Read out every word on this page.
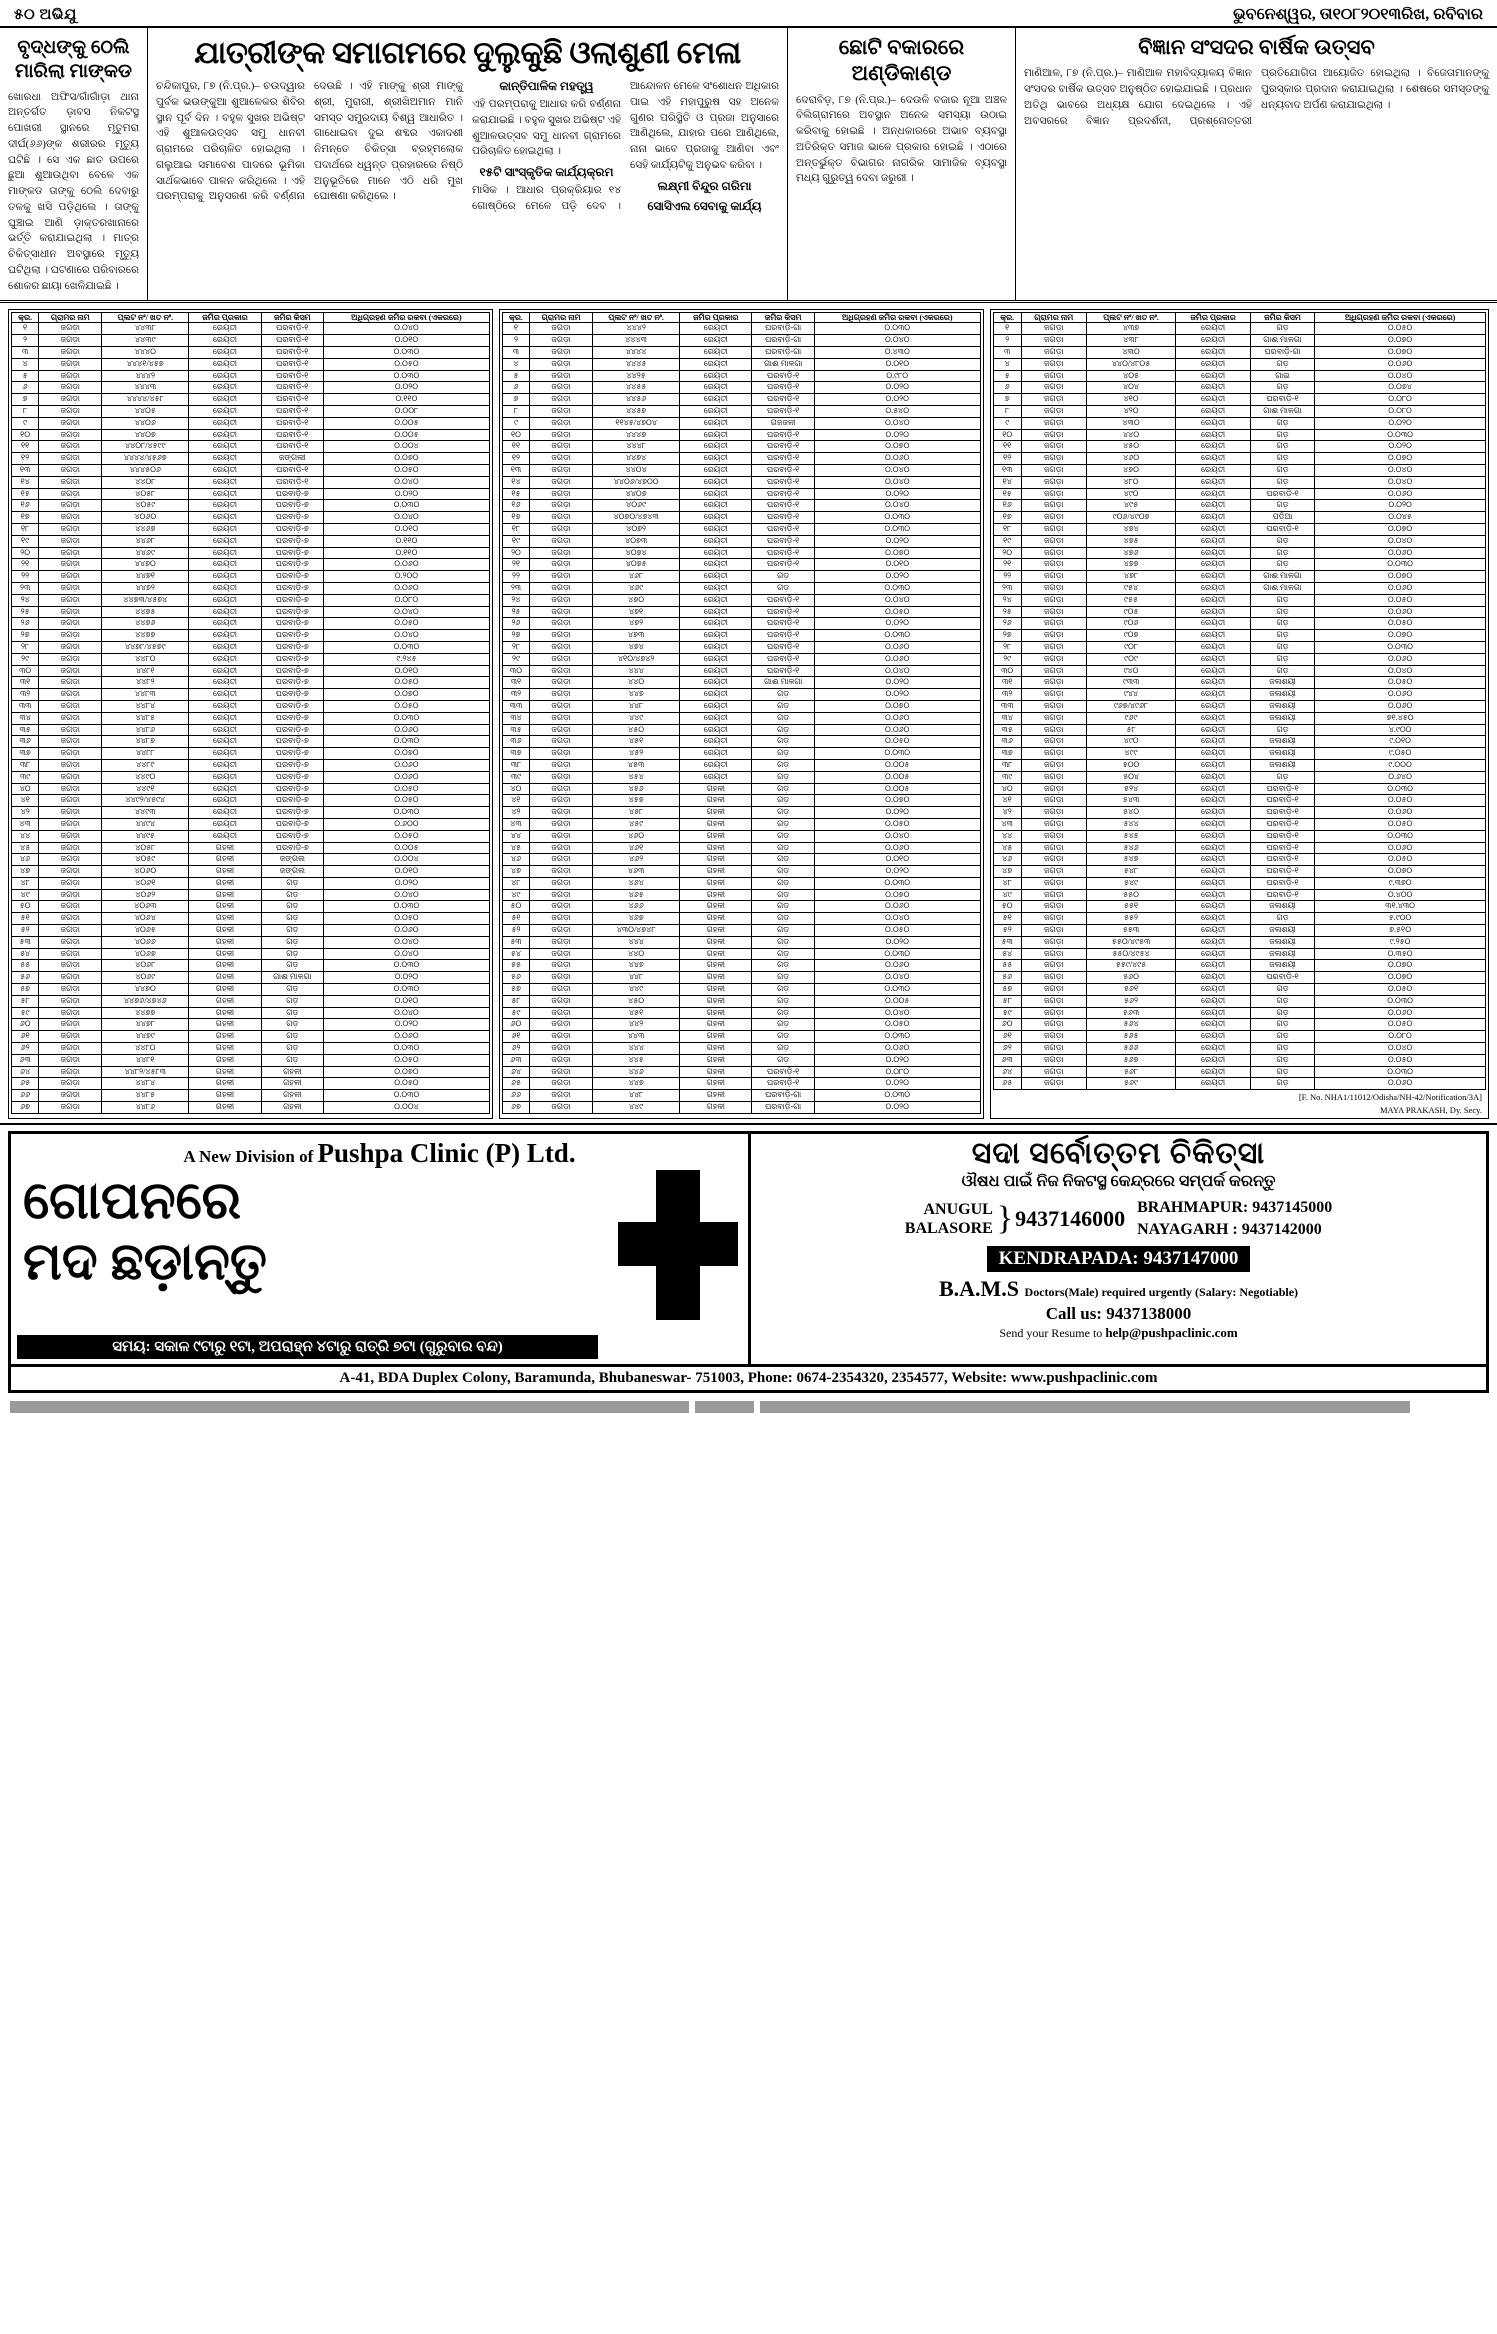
୫୦ ଅଭିଯୁ	ଭୁବନେଶ୍ୱର, ତା୧୦୮୨୦୧୩ରିଖ, ରବିବାର
ବୃଦ୍ଧଙ୍କୁ ଠେଲି ମାରିଲା ମାଙ୍କଡ
ଖୋରଧା ଅଫିସ/ଗାଁଗାଁଡ଼ା ଥାନା ଅନ୍ତର୍ଗତ ଡ଼ାବସ ନିକଟସ୍ଥ ପୋଖରୀ ସ୍ଥାନରେ ମୃତୁମରା ଦୀର୍ଘ(୬୬)ଙ୍କ ଶରୀରର ମୃତ୍ୟୁ ଘଟିଛି । ସେ ଏକ ଛାତ ଉପରେ ଛୁଆ ଶୁଆଉଥିବା ବେଳେ ଏକ ମାଙ୍କଡ ତାଙ୍କୁ ଠେଲି ଦେବାରୁ ତଳକୁ ଖସି ପଡ଼ିଥିଲେ । ତାଙ୍କୁ ଘୁଞ୍ଚାଇ ଆଣି ଡ଼ାକ୍ତରଖାନାରେ ଭର୍ତ୍ତି କରାଯାଇଥିଲା । ମାତ୍ର ଚିକିତ୍ସାଧୀନ ଅବସ୍ଥାରେ ମୃତ୍ୟୁ ଘଟିଥିଲା । ଘଟଣାରେ ପରିବାରରେ ଶୋକର ଛାୟା ଖେଳିଯାଇଛି ।
ଯାତ୍ରୀଙ୍କ ସମାଗମରେ ଦୁଲୁକୁଛି ଓଲାଶୁଣୀ ମେଳା
ଚନ୍ଦିକାପୁର, ୮୭ (ନି.ପ୍ର.)– ଚଉଦ୍ୱାର ପୁର୍ବକ ଭଉଙ୍କୁଆ ଶୁଆଳେକର ଶିବିର ସ୍ଥାନ ପୂର୍ବ ଦିନ । ବହୁଳ ସୁଖର ଅଭିଷ୍ଟ ଏହି ଶୁଆଳଉତ୍ସବ ସମୁ ଧାନବୀ ଗ୍ରାମରେ ପରିଚାଳିତ ହୋଇଥିଲା । ଗଲୁଆଇ ସମାବେଶ ପାଦରେ ଭୂମିକା ସାର୍ଥକଭାବେ ପାଳନ କରିଥିଲେ । ଏହି ପରମ୍ପରାକୁ ଅନୁସରଣ କରି ବର୍ଣ୍ଣନା ଦେଉଛି । ଏହି ମାଙ୍କୁ ଶ୍ରୀ ମାଙ୍କୁ ଶ୍ରୀ, ମୁରାରୀ, ଶ୍ରୀଖିଅମାନ ମାନି ସମସ୍ତ ସମ୍ପ୍ରଦାୟ ବିଶ୍ୱ ଆଧାରିତ । ଗାଧୋଇବା ଦୁଇ ଶବ୍ଦର ଏକାଦଶୀ ନିମନ୍ତେ ଚିକିତ୍ସା ବ୍ରହ୍ମଲୋକ ପଦାର୍ଥରେ ଧ୍ୱନ୍ତ ପ୍ରହାରରେ ନିଷ୍ଠି ଅନୁଭୂତିରେ ମାନେ ଏଠି ଧରି ମୁଖ ଘୋଷଣା କରିଥିଲେ ।
କାନ୍ତିପାଳିକ ମହତ୍ତ୍ୱ
ଏହି ପରମ୍ପରାକୁ ଆଧାର କରି ବର୍ଣ୍ଣନା କରାଯାଇଛି । ବହୁଳ ସୁଖର ଅଭିଷ୍ଟ ଏହି ଶୁଆଳଉତ୍ସବ ସମୁ ଧାନବୀ ଗ୍ରାମରେ ପରିଚାଳିତ ହୋଇଥିଲା ।
୧୫ଟି ସାଂସ୍କୃତିକ କାର୍ଯ୍ୟକ୍ରମ
ମାସିକ । ଆଧାର ପ୍ରକ୍ରିୟାର ୧୪ ଗୋଷ୍ଠିରେ ମେଳେ ପଡ଼ି ଦେବ । ଆନ୍ଦୋଳନ ମେଳେ ସଂଶୋଧନ ଅଧିକାର ପାଇ ଏହି ମହାପୁରୁଷ ସହ ଅନେକ ଗୁଣର ପରିସ୍ଥିତି ଓ ପ୍ରଜା ଅନୁସାରେ ଆଣିଥିଲେ, ଯାହାର ପରେ ଆଣିଥିଲେ, ନାନା ଭାବେ ପ୍ରଜାକୁ ଆଣିବା ଏବଂ ସେହି କାର୍ଯ୍ୟଟିକୁ ଅନୁଭବ କରିବା ।
ଲକ୍ଷ୍ମୀ ବିନ୍ଦୁର ଗରିମା
ସୋସିଏଲ ସେବାକୁ କାର୍ଯ୍ୟ
ଛୋଟି ବକାରରେ ଅଣ୍ଡିକାଣ୍ଡ
ଦେରାବିଡ଼, ୮୭ (ନି.ପ୍ର.)– ଦେଉଳି ବଜାର ନୂଆ ଅଞ୍ଚଳ ବିଲିଗ୍ରାମରେ ଅବସ୍ଥାନ ଅନେକ ସମସ୍ୟା ଉଠାଇ କରିବାକୁ ହୋଇଛି । ଅନ୍ଧକାରରେ ଅଭାବ ବ୍ୟବସ୍ଥା ଅତିରିକ୍ତ ସମାଜ ଭାଳେ ପ୍ରକାର ହୋଇଛି । ଏଠାରେ ଅନ୍ତର୍ଭୁକ୍ତ ବିଭାଗର ନାଗରିକ ସାମାଜିକ ବ୍ୟବସ୍ଥା ମଧ୍ୟ ଗୁରୁତ୍ୱ ଦେବା ଜରୁରୀ ।
ବିଜ୍ଞାନ ସଂସଦର ବାର୍ଷିକ ଉତ୍ସବ
ମାଣିଆଳ, ୮୭ (ନି.ପ୍ର.)– ମାଣିଆଳ ମହାବିଦ୍ୟାଳୟ ବିଜ୍ଞାନ ସଂସଦର ବାର୍ଷିକ ଉତ୍ସବ ଅନୁଷ୍ଠିତ ହୋଇଯାଇଛି । ପ୍ରଧାନ ଅତିଥି ଭାବରେ ଅଧ୍ୟକ୍ଷ ଯୋଗ ଦେଇଥିଲେ । ଏହି ଅବସରରେ ବିଜ୍ଞାନ ପ୍ରଦର୍ଶନୀ, ପ୍ରଶ୍ନୋତ୍ତରୀ ପ୍ରତିଯୋଗିତା ଆୟୋଜିତ ହୋଇଥିଲା । ବିଜେତାମାନଙ୍କୁ ପୁରସ୍କାର ପ୍ରଦାନ କରାଯାଇଥିଲା । ଶେଷରେ ସମସ୍ତଙ୍କୁ ଧନ୍ୟବାଦ ଅର୍ପଣ କରାଯାଇଥିଲା ।
କ୍ର.	ଗ୍ରାମର ନାମ	ପ୍ଲଟ ନଂ/ ଖତ ନଂ.	ଜମିର ପ୍ରକାର	ଜମିର କିସମ	ଅଧିଗ୍ରହଣ ଜମିର ରକବା (ଏକରରେ)
୧	ଜଗଡ଼ା	୪୪୩୮	ରେୟତୀ	ଘରବାଡ଼ି-୧	୦.୦୪୦
୨	ଜଗଡ଼ା	୪୪୩୯	ରେୟତୀ	ଘରବାଡ଼ି-୧	୦.୦୧୦
୩	ଜଗଡ଼ା	୪୪୪୦	ରେୟତୀ	ଘରବାଡ଼ି-୧	୦.୦୩୦
୪	ଜଗଡ଼ା	୪୪୪୧/୪୫୭	ରେୟତୀ	ଘରବାଡ଼ି-୧	୦.୦୫୦
୫	ଜଗଡ଼ା	୪୪୪୨	ରେୟତୀ	ଘରବାଡ଼ି-୧	୦.୦୩୦
୬	ଜଗଡ଼ା	୪୪୪୩	ରେୟତୀ	ଘରବାଡ଼ି-୧	୦.୦୨୦
୭	ଜଗଡ଼ା	୪୪୪୪/୪୫୮	ରେୟତୀ	ଘରବାଡ଼ି-୧	୦.୧୧୦
୮	ଜଗଡ଼ା	୪୪୦୫	ରେୟତୀ	ଘରବାଡ଼ି-୧	୦.୦୦୮
୯	ଜଗଡ଼ା	୪୪୦୬	ରେୟତୀ	ଘରବାଡ଼ି-୧	୦.୦୦୫
୧୦	ଜଗଡ଼ା	୪୪୦୭	ରେୟତୀ	ଘରବାଡ଼ି-୧	୦.୦୦୫
୧୧	ଜଗଡ଼ା	୪୪୦୮/୪୫୯୯	ରେୟତୀ	ଘରବାଡ଼ି-୧	୦.୦୦୪
୧୨	ଜଗଡ଼ା	୪୪୪୪/୪୫୬୭	ରେୟତୀ	ଜଙ୍ଗଲୀ	୦.୦୭୦
୧୩	ଜଗଡ଼ା	୪୪୪୫୦୬	ରେୟତୀ	ଘରବାଡ଼ି-୧	୦.୦୫୦
୧୪	ଜଗଡ଼ା	୪୪୦୮	ରେୟତୀ	ଘରବାଡ଼ି-୧	୦.୦୪୦
୧୫	ଜଗଡ଼ା	୪୦୫୮	ରେୟତୀ	ଘରବାଡ଼ି-୭	୦.୦୨୦
୧୬	ଜଗଡ଼ା	୪୦୫୯	ରେୟତୀ	ଘରବାଡ଼ି-୭	୦.୦୩୦
୧୭	ଜଗଡ଼ା	୪୦୬୦	ରେୟତୀ	ଘରବାଡ଼ି-୭	୦.୦୪୦
୧୮	ଜଗଡ଼ା	୪୪୬୭	ରେୟତୀ	ଘରବାଡ଼ି-୭	୦.୦୧୦
୧୯	ଜଗଡ଼ା	୪୪୬୮	ରେୟତୀ	ଘରବାଡ଼ି-୭	୦.୧୧୦
୨୦	ଜଗଡ଼ା	୪୪୬୯	ରେୟତୀ	ଘରବାଡ଼ି-୭	୦.୧୧୦
୨୧	ଜଗଡ଼ା	୪୪୭୦	ରେୟତୀ	ଘରବାଡ଼ି-୭	୦.୦୬୦
୨୨	ଜଗଡ଼ା	୪୪୭୧	ରେୟତୀ	ଘରବାଡ଼ି-୭	୦.୨୦୦
୨୩	ଜଗଡ଼ା	୪୪୭୨	ରେୟତୀ	ଘରବାଡ଼ି-୭	୦.୦୬୦
୨୪	ଜଗଡ଼ା	୪୪୭୩/୪୫୭୪	ରେୟତୀ	ଘରବାଡ଼ି-୭	୦.୦୮୦
୨୫	ଜଗଡ଼ା	୪୪୭୫	ରେୟତୀ	ଘରବାଡ଼ି-୭	୦.୦୪୦
୨୬	ଜଗଡ଼ା	୪୪୭୬	ରେୟତୀ	ଘରବାଡ଼ି-୭	୦.୦୫୦
୨୭	ଜଗଡ଼ା	୪୪୭୭	ରେୟତୀ	ଘରବାଡ଼ି-୭	୦.୦୪୦
୨୮	ଜଗଡ଼ା	୪୪୭୮/୪୫୭୯	ରେୟତୀ	ଘରବାଡ଼ି-୭	୦.୦୩୦
୨୯	ଜଗଡ଼ା	୪୪୮୦	ରେୟତୀ	ଘରବାଡ଼ି-୭	୯.୨୪୫
୩୦	ଜଗଡ଼ା	୪୪୮୧	ରେୟତୀ	ଘରବାଡ଼ି-୭	୦.୦୧୦
୩୧	ଜଗଡ଼ା	୪୪୮୨	ରେୟତୀ	ଘରବାଡ଼ି-୭	୦.୦୫୦
୩୨	ଜଗଡ଼ା	୪୪୮୩	ରେୟତୀ	ଘରବାଡ଼ି-୭	୦.୦୭୦
୩୩	ଜଗଡ଼ା	୪୪୮୪	ରେୟତୀ	ଘରବାଡ଼ି-୭	୦.୦୫୦
୩୪	ଜଗଡ଼ା	୪୪୮୫	ରେୟତୀ	ଘରବାଡ଼ି-୭	୦.୦୩୦
୩୫	ଜଗଡ଼ା	୪୪୮୬	ରେୟତୀ	ଘରବାଡ଼ି-୭	୦.୦୬୦
୩୬	ଜଗଡ଼ା	୪୪୮୭	ରେୟତୀ	ଘରବାଡ଼ି-୭	୦.୦୩୦
୩୭	ଜଗଡ଼ା	୪୪୮୮	ରେୟତୀ	ଘରବାଡ଼ି-୭	୦.୦୭୦
୩୮	ଜଗଡ଼ା	୪୪୮୯	ରେୟତୀ	ଘରବାଡ଼ି-୭	୦.୦୬୦
୩୯	ଜଗଡ଼ା	୪୪୯୦	ରେୟତୀ	ଘରବାଡ଼ି-୭	୦.୦୬୦
୪୦	ଜଗଡ଼ା	୪୪୯୧	ରେୟତୀ	ଘରବାଡ଼ି-୭	୦.୦୫୦
୪୧	ଜଗଡ଼ା	୪୪୯୨/୪୫୯୪	ରେୟତୀ	ଘରବାଡ଼ି-୭	୦.୦୫୦
୪୨	ଜଗଡ଼ା	୪୪୯୩	ରେୟତୀ	ଘରବାଡ଼ି-୭	୦.୦୩୦
୪୩	ଜଗଡ଼ା	୪୪୯୪	ରେୟତୀ	ଘରବାଡ଼ି-୭	୦.୬୦୦
୪୪	ଜଗଡ଼ା	୪୪୯୫	ରେୟତୀ	ଘରବାଡ଼ି-୭	୦.୦୫୦
୪୫	ଜଗଡ଼ା	୪୦୫୮	ଗହଳୀ	ଘରବାଡ଼ି-୭	୦.୦୦୫
୪୬	ଜଗଡ଼ା	୪୦୫୯	ଗହଳୀ	ଜଙ୍ଗଲ	୦.୦୦୪
୪୭	ଜଗଡ଼ା	୪୦୬୦	ଗହଳୀ	ଜଙ୍ଗଲ	୦.୦୧୦
୪୮	ଜଗଡ଼ା	୪୦୬୧	ଗହଳୀ	ଗଡ଼	୦.୦୨୦
୪୯	ଜଗଡ଼ା	୪୦୬୨	ଗହଳୀ	ଗଡ଼	୦.୦୪୦
୫୦	ଜଗଡ଼ା	୪୦୬୩	ଗହଳୀ	ଗଡ଼	୦.୦୩୦
୫୧	ଜଗଡ଼ା	୪୦୬୪	ଗହଳୀ	ଗଡ଼	୦.୦୫୦
୫୨	ଜଗଡ଼ା	୪୦୬୫	ଗହଳୀ	ଗଡ଼	୦.୦୬୦
୫୩	ଜଗଡ଼ା	୪୦୬୬	ଗହଳୀ	ଗଡ଼	୦.୦୪୦
୫୪	ଜଗଡ଼ା	୪୦୬୭	ଗହଳୀ	ଗଡ଼	୦.୦୪୦
୫୫	ଜଗଡ଼ା	୪୦୬୮	ଗହଳୀ	ଗଡ଼	୦.୦୩୦
୫୬	ଜଗଡ଼ା	୪୦୬୯	ଗହଳୀ	ଗାଈ ମାଳଗା	୦.୦୨୦
୫୭	ଜଗଡ଼ା	୪୪୭୦	ଗହଳୀ	ଗଡ଼	୦.୦୩୦
୫୮	ଜଗଡ଼ା	୪୪୭୬/୪୭୪୬	ଗହଳୀ	ଗଡ଼	୦.୦୧୦
୫୯	ଜଗଡ଼ା	୪୪୭୭	ଗହଳୀ	ଗଡ଼	୦.୦୪୦
୬୦	ଜଗଡ଼ା	୪୪୭୮	ଗହଳୀ	ଗଡ଼	୦.୦୨୦
୬୧	ଜଗଡ଼ା	୪୪୭୯	ଗହଳୀ	ଗଡ଼	୦.୦୬୦
୬୨	ଜଗଡ଼ା	୪୪୮୦	ଗହଳୀ	ଗଡ଼	୦.୦୩୦
୬୩	ଜଗଡ଼ା	୪୪୮୧	ଗହଳୀ	ଗଡ଼	୦.୦୫୦
୬୪	ଜଗଡ଼ା	୪୪୮୨/୪୫୮୩	ଗହଳୀ	ଗହଳୀ	୦.୦୭୦
୬୫	ଜଗଡ଼ା	୪୪୮୪	ଗହଳୀ	ଗହଳୀ	୦.୦୫୦
୬୬	ଜଗଡ଼ା	୪୪୮୫	ଗହଳୀ	ଗହଳୀ	୦.୦୩୦
୬୭	ଜଗଡ଼ା	୪୪୮୬	ଗହଳୀ	ଗହଳୀ	୦.୦୦୪
କ୍ର.	ଗ୍ରାମର ନାମ	ପ୍ଲଟ ନଂ/ ଖତ ନଂ.	ଜମିର ପ୍ରକାର	ଜମିର କିସମ	ଅଧିଗ୍ରହଣ ଜମିର ରକବା (ଏକରରେ)
୧	ଜଗଡ଼ା	୪୪୪୨	ରେୟତୀ	ଘରବାଡ଼ି-ଗା	୦.୦୩୦
୨	ଜଗଡ଼ା	୪୪୪୩	ରେୟତୀ	ଘରବାଡ଼ି-ଗା	୦.୦୪୦
୩	ଜଗଡ଼ା	୪୪୪୪	ରେୟତୀ	ଘରବାଡ଼ି-ଗା	୦.୪୩୦
୪	ଜଗଡ଼ା	୪୪୪୫	ରେୟତୀ	ଗାଈ ମାଳଗା	୦.୦୧୦
୫	ଜଗଡ଼ା	୪୪୨୫	ରେୟତୀ	ଘରବାଡ଼ି-୧	୦.୯୮୦
୬	ଜଗଡ଼ା	୪୪୫୫	ରେୟତୀ	ଘରବାଡ଼ି-୧	୦.୦୨୦
୭	ଜଗଡ଼ା	୪୪୫୬	ରେୟତୀ	ଘରବାଡ଼ି-୧	୦.୦୨୦
୮	ଜଗଡ଼ା	୪୪୫୭	ରେୟତୀ	ଘରବାଡ଼ି-୧	୦.୫୪୦
୯	ଜଗଡ଼ା	୧୧୪୫/୪୭୦୪	ରେୟତୀ	ଗଜଜଳୀ	୦.୦୪୦
୧୦	ଜଗଡ଼ା	୪୪୪୭	ରେୟତୀ	ଘରବାଡ଼ି-୧	୦.୦୨୦
୧୧	ଜଗଡ଼ା	୪୪୪୮	ରେୟତୀ	ଘରବାଡ଼ି-୧	୦.୦୭୦
୧୨	ଜଗଡ଼ା	୪୪୭୪	ରେୟତୀ	ଘରବାଡ଼ି-୧	୦.୦୬୦
୧୩	ଜଗଡ଼ା	୪୪୦୪	ରେୟତୀ	ଘରବାଡ଼ି-୧	୦.୦୪୦
୧୪	ଜଗଡ଼ା	୪୪୦୬/୪୭୦୦	ରେୟତୀ	ଘରବାଡ଼ି-୧	୦.୦୪୦
୧୫	ଜଗଡ଼ା	୪୪୦୭	ରେୟତୀ	ଘରବାଡ଼ି-୧	୦.୦୨୦
୧୬	ଜଗଡ଼ା	୪୦୬୯	ରେୟତୀ	ଘରବାଡ଼ି-୧	୦.୦୪୦
୧୭	ଜଗଡ଼ା	୪୦୭୦/୪୭୪୩	ରେୟତୀ	ଘରବାଡ଼ି-୧	୦.୦୩୦
୧୮	ଜଗଡ଼ା	୪୦୭୨	ରେୟତୀ	ଘରବାଡ଼ି-୧	୦.୦୩୦
୧୯	ଜଗଡ଼ା	୪୦୭୩	ରେୟତୀ	ଘରବାଡ଼ି-୧	୦.୦୨୦
୨୦	ଜଗଡ଼ା	୪୦୭୪	ରେୟତୀ	ଘରବାଡ଼ି-୧	୦.୦୭୦
୨୧	ଜଗଡ଼ା	୪୦୭୫	ରେୟତୀ	ଘରବାଡ଼ି-୧	୦.୦୧୦
୨୨	ଜଗଡ଼ା	୪୬୮	ରେୟତୀ	ଗଡ଼	୦.୦୨୦
୨୩	ଜଗଡ଼ା	୪୬୯	ରେୟତୀ	ଗଡ଼	୦.୦୩୦
୨୪	ଜଗଡ଼ା	୪୭୦	ରେୟତୀ	ଘରବାଡ଼ି-୧	୦.୦୪୦
୨୫	ଜଗଡ଼ା	୪୭୧	ରେୟତୀ	ଘରବାଡ଼ି-୧	୦.୦୫୦
୨୬	ଜଗଡ଼ା	୪୭୨	ରେୟତୀ	ଘରବାଡ଼ି-୧	୦.୦୨୦
୨୭	ଜଗଡ଼ା	୪୭୩	ରେୟତୀ	ଘରବାଡ଼ି-୧	୦.୦୩୦
୨୮	ଜଗଡ଼ା	୪୭୪	ରେୟତୀ	ଘରବାଡ଼ି-୧	୦.୦୬୦
୨୯	ଜଗଡ଼ା	୪୧୦/୪୭୪୨	ରେୟତୀ	ଘରବାଡ଼ି-୧	୦.୦୬୦
୩୦	ଜଗଡ଼ା	୪୪୪	ରେୟତୀ	ଘରବାଡ଼ି-୧	୦.୦୪୦
୩୧	ଜଗଡ଼ା	୪୪୦	ରେୟତୀ	ଗାଈ ମାଳଗା	୦.୦୨୦
୩୨	ଜଗଡ଼ା	୪୪୭	ରେୟତୀ	ଗଡ଼	୦.୦୨୦
୩୩	ଜଗଡ଼ା	୪୪୮	ରେୟତୀ	ଗଡ଼	୦.୦୭୦
୩୪	ଜଗଡ଼ା	୪୪୯	ରେୟତୀ	ଗଡ଼	୦.୦୬୦
୩୫	ଜଗଡ଼ା	୪୫୦	ରେୟତୀ	ଗଡ଼	୦.୦୬୦
୩୬	ଜଗଡ଼ା	୪୫୧	ରେୟତୀ	ଗଡ଼	୦.୦୫୦
୩୭	ଜଗଡ଼ା	୪୫୨	ରେୟତୀ	ଗଡ଼	୦.୦୩୦
୩୮	ଜଗଡ଼ା	୪୫୩	ରେୟତୀ	ଗଡ଼	୦.୦୦୫
୩୯	ଜଗଡ଼ା	୪୫୪	ରେୟତୀ	ଗଡ଼	୦.୦୦୫
୪୦	ଜଗଡ଼ା	୪୫୬	ଗହଳୀ	ଗଡ଼	୦.୦୦୫
୪୧	ଜଗଡ଼ା	୪୫୭	ଗହଳୀ	ଗଡ଼	୦.୦୭୦
୪୨	ଜଗଡ଼ା	୪୫୮	ଗହଳୀ	ଗଡ଼	୦.୦୨୦
୪୩	ଜଗଡ଼ା	୪୫୯	ଗହଳୀ	ଗଡ଼	୦.୦୫୦
୪୪	ଜଗଡ଼ା	୪୬୦	ଗହଳୀ	ଗଡ଼	୦.୦୪୦
୪୫	ଜଗଡ଼ା	୪୬୧	ଗହଳୀ	ଗଡ଼	୦.୦୬୦
୪୬	ଜଗଡ଼ା	୪୬୨	ଗହଳୀ	ଗଡ଼	୦.୦୧୦
୪୭	ଜଗଡ଼ା	୪୬୩	ଗହଳୀ	ଗଡ଼	୦.୦୨୦
୪୮	ଜଗଡ଼ା	୪୬୪	ଗହଳୀ	ଗଡ଼	୦.୦୩୦
୪୯	ଜଗଡ଼ା	୪୬୫	ଗହଳୀ	ଗଡ଼	୦.୦୭୦
୫୦	ଜଗଡ଼ା	୪୬୬	ଗହଳୀ	ଗଡ଼	୦.୦୬୦
୫୧	ଜଗଡ଼ା	୪୬୭	ଗହଳୀ	ଗଡ଼	୦.୦୪୦
୫୨	ଜଗଡ଼ା	୪୩୦/୪୭୪୮	ଗହଳୀ	ଗଡ଼	୦.୦୫୦
୫୩	ଜଗଡ଼ା	୪୪୪	ଗହଳୀ	ଗଡ଼	୦.୦୨୦
୫୪	ଜଗଡ଼ା	୪୪୦	ଗହଳୀ	ଗଡ଼	୦.୦୩୦
୫୫	ଜଗଡ଼ା	୪୪୭	ଗହଳୀ	ଗଡ଼	୦.୦୬୦
୫୬	ଜଗଡ଼ା	୪୪୮	ଗହଳୀ	ଗଡ଼	୦.୦୪୦
୫୭	ଜଗଡ଼ା	୪୪୯	ଗହଳୀ	ଗଡ଼	୦.୦୩୦
୫୮	ଜଗଡ଼ା	୪୫୦	ଗହଳୀ	ଗଡ଼	୦.୦୦୫
୫୯	ଜଗଡ଼ା	୪୫୧	ଗହଳୀ	ଗଡ଼	୦.୦୪୦
୬୦	ଜଗଡ଼ା	୪୪୨	ଗହଳୀ	ଗଡ଼	୦.୦୫୦
୬୧	ଜଗଡ଼ା	୪୪୩	ଗହଳୀ	ଗଡ଼	୦.୦୩୦
୬୨	ଜଗଡ଼ା	୪୪୪	ଗହଳୀ	ଗଡ଼	୦.୦୬୦
୬୩	ଜଗଡ଼ା	୪୪୫	ଗହଳୀ	ଗଡ଼	୦.୦୨୦
୬୪	ଜଗଡ଼ା	୪୪୬	ଗହଳୀ	ଘରବାଡ଼ି-୧	୦.୦୮୦
୬୫	ଜଗଡ଼ା	୪୪୭	ଗହଳୀ	ଘରବାଡ଼ି-୧	୦.୦୨୦
୬୬	ଜଗଡ଼ା	୪୪୮	ଗହଳୀ	ଘରବାଡ଼ି-ଗା	୦.୦୩୦
୬୭	ଜଗଡ଼ା	୪୪୯	ଗହଳୀ	ଘରବାଡ଼ି-ଗା	୦.୦୨୦
କ୍ର.	ଗ୍ରାମର ନାମ	ପ୍ଲଟ ନଂ/ ଖତ ନଂ.	ଜମିର ପ୍ରକାର	ଜମିର କିସମ	ଅଧିଗ୍ରହଣ ଜମିର ରକବା (ଏକରରେ)
୧	ଜଗଡ଼ା	୪୩୭	ରେୟତୀ	ଗଡ଼	୦.୦୫୦
୨	ଜଗଡ଼ା	୪୩୮	ରେୟତୀ	ଗାଈ ମାଳଗା	୦.୦୭୦
୩	ଜଗଡ଼ା	୪୩୦	ରେୟତୀ	ଘରବାଡ଼ି-ଗା	୦.୦୭୦
୪	ଜଗଡ଼ା	୪୪୦/୪୮୦୫	ରେୟତୀ	ଗଡ଼	୦.୦୬୦
୫	ଜଗଡ଼ା	୪୦୫	ରେୟତୀ	ଗାଇ	୦.୦୪୦
୬	ଜଗଡ଼ା	୪୦୪	ରେୟତୀ	ଗଡ଼	୦.୦୭୪
୭	ଜଗଡ଼ା	୪୧୦	ରେୟତୀ	ଘରବାଡ଼ି-୧	୦.୦୮୦
୮	ଜଗଡ଼ା	୪୨୦	ରେୟତୀ	ଗାଈ ମାଳଗା	୦.୦୮୦
୯	ଜଗଡ଼ା	୪୩୦	ରେୟତୀ	ଗଡ଼	୦.୦୨୦
୧୦	ଜଗଡ଼ା	୪୪୦	ରେୟତୀ	ଗଡ଼	୦.୦୩୦
୧୧	ଜଗଡ଼ା	୪୫୦	ରେୟତୀ	ଗଡ଼	୦.୦୨୦
୧୨	ଜଗଡ଼ା	୪୬୦	ରେୟତୀ	ଗଡ଼	୦.୦୭୦
୧୩	ଜଗଡ଼ା	୪୭୦	ରେୟତୀ	ଗଡ଼	୦.୦୪୦
୧୪	ଜଗଡ଼ା	୪୮୦	ରେୟତୀ	ଗଡ଼	୦.୦୪୦
୧୫	ଜଗଡ଼ା	୪୯୦	ରେୟତୀ	ଘରବାଡ଼ି-୧	୦.୦୬୦
୧୬	ଜଗଡ଼ା	୪୯୫	ରେୟତୀ	ଗଡ଼	୦.୦୨୦
୧୭	ଜଗଡ଼ା	୯୦୬/୪୯୦୭	ରେୟତୀ	ପଡ଼ିଆ	୦.୦୪୫
୧୮	ଜଗଡ଼ା	୪୭୪	ରେୟତୀ	ଘରବାଡ଼ି-୧	୦.୦୭୦
୧୯	ଜଗଡ଼ା	୪୭୫	ରେୟତୀ	ଗଡ଼	୦.୦୪୦
୨୦	ଜଗଡ଼ା	୪୭୬	ରେୟତୀ	ଗଡ଼	୦.୦୬୦
୨୧	ଜଗଡ଼ା	୪୭୭	ରେୟତୀ	ଗଡ଼	୦.୦୩୦
୨୨	ଜଗଡ଼ା	୪୭୮	ରେୟତୀ	ଗାଈ ମାଳଗା	୦.୦୭୦
୨୩	ଜଗଡ଼ା	୯୫୪	ରେୟତୀ	ଗାଈ ମାଳଗା	୦.୦୬୦
୨୪	ଜଗଡ଼ା	୯୫୫	ରେୟତୀ	ଗଡ଼	୦.୦୫୦
୨୫	ଜଗଡ଼ା	୯୦୫	ରେୟତୀ	ଗଡ଼	୦.୦୬୦
୨୬	ଜଗଡ଼ା	୯୦୬	ରେୟତୀ	ଗଡ଼	୦.୦୫୦
୨୭	ଜଗଡ଼ା	୯୦୭	ରେୟତୀ	ଗଡ଼	୦.୦୭୦
୨୮	ଜଗଡ଼ା	୯୦୮	ରେୟତୀ	ଗଡ଼	୦.୦୩୦
୨୯	ଜଗଡ଼ା	୯୦୯	ରେୟତୀ	ଗଡ଼	୦.୦୬୦
୩୦	ଜଗଡ଼ା	୯୪୦	ରେୟତୀ	ଗଡ଼	୦.୦୪୦
୩୧	ଜଗଡ଼ା	୯୩୩	ରେୟତୀ	ଜଳାଶୟୀ	୦.୦୫୦
୩୨	ଜଗଡ଼ା	୯୪୪	ରେୟତୀ	ଜଳାଶୟୀ	୦.୦୬୦
୩୩	ଜଗଡ଼ା	୯୬୭/୪୯୬୮	ରେୟତୀ	ଜଳାଶୟୀ	୦.୦୬୦
୩୪	ଜଗଡ଼ା	୯୬୯	ରେୟତୀ	ଜଳାଶୟୀ	୭୧.୪୫୦
୩୫	ଜଗଡ଼ା	୫୮	ରେୟତୀ	ଗଡ଼	୪.୯୦୦
୩୬	ଜଗଡ଼ା	୪୯୦	ରେୟତୀ	ଜଳାଶୟୀ	୯.୦୧୦
୩୭	ଜଗଡ଼ା	୪୯୯	ରେୟତୀ	ଜଳାଶୟୀ	୯.୦୫୦
୩୮	ଜଗଡ଼ା	୫୦୦	ରେୟତୀ	ଜଳାଶୟୀ	୯.୦୦୦
୩୯	ଜଗଡ଼ା	୫୦୪	ରେୟତୀ	ଗଡ଼	୦.୬୪୦
୪୦	ଜଗଡ଼ା	୫୨୪	ରେୟତୀ	ଘରବାଡ଼ି-୧	୦.୦୩୦
୪୧	ଜଗଡ଼ା	୫୪୩	ରେୟତୀ	ଘରବାଡ଼ି-୧	୦.୦୫୦
୪୨	ଜଗଡ଼ା	୫୪୦	ରେୟତୀ	ଘରବାଡ଼ି-୧	୦.୦୬୦
୪୩	ଜଗଡ଼ା	୫୪୪	ରେୟତୀ	ଘରବାଡ଼ି-୧	୦.୦୫୦
୪୪	ଜଗଡ଼ା	୫୪୫	ରେୟତୀ	ଘରବାଡ଼ି-୧	୦.୦୩୦
୪୫	ଜଗଡ଼ା	୫୪୬	ରେୟତୀ	ଘରବାଡ଼ି-୧	୦.୦୬୦
୪୬	ଜଗଡ଼ା	୫୪୭	ରେୟତୀ	ଘରବାଡ଼ି-୧	୦.୦୫୦
୪୭	ଜଗଡ଼ା	୫୪୮	ରେୟତୀ	ଘରବାଡ଼ି-୧	୦.୦୭୦
୪୮	ଜଗଡ଼ା	୫୪୯	ରେୟତୀ	ଘରବାଡ଼ି-୧	୯.୩୭୦
୪୯	ଜଗଡ଼ା	୫୫୦	ରେୟତୀ	ଘରବାଡ଼ି-୧	୦.୪୦୦
୫୦	ଜଗଡ଼ା	୫୫୧	ରେୟତୀ	ଜଳାଶୟୀ	୩୧.୪୩୦
୫୧	ଜଗଡ଼ା	୫୫୨	ରେୟତୀ	ଗଡ଼	୫.୯୦୦
୫୨	ଜଗଡ଼ା	୫୫୩	ରେୟତୀ	ଜଳାଶୟୀ	୭.୫୧୦
୫୩	ଜଗଡ଼ା	୫୫୦/୪୯୫୩	ରେୟତୀ	ଜଳାଶୟୀ	୯.୨୫୦
୫୪	ଜଗଡ଼ା	୫୫୦/୪୯୫୪	ରେୟତୀ	ଜଳାଶୟୀ	୦.୩୫୦
୫୫	ଜଗଡ଼ା	୫୫୯/୪୯୫	ରେୟତୀ	ଜଳାଶୟୀ	୦.୦୭୦
୫୬	ଜଗଡ଼ା	୫୬୦	ରେୟତୀ	ଘରବାଡ଼ି-୧	୦.୦୭୦
୫୭	ଜଗଡ଼ା	୫୬୧	ରେୟତୀ	ଗଡ଼	୦.୦୫୦
୫୮	ଜଗଡ଼ା	୫୬୨	ରେୟତୀ	ଗଡ଼	୦.୦୩୦
୫୯	ଜଗଡ଼ା	୫୬୩	ରେୟତୀ	ଗଡ଼	୦.୦୬୦
୬୦	ଜଗଡ଼ା	୫୬୪	ରେୟତୀ	ଗଡ଼	୦.୦୫୦
୬୧	ଜଗଡ଼ା	୫୬୫	ରେୟତୀ	ଗଡ଼	୦.୦୮୦
୬୨	ଜଗଡ଼ା	୫୬୬	ରେୟତୀ	ଗଡ଼	୦.୦୪୦
୬୩	ଜଗଡ଼ା	୫୬୭	ରେୟତୀ	ଗଡ଼	୦.୦୫୦
୬୪	ଜଗଡ଼ା	୫୬୮	ରେୟତୀ	ଗଡ଼	୦.୦୩୦
୬୫	ଜଗଡ଼ା	୫୬୯	ରେୟତୀ	ଗଡ଼	୦.୦୬୦
[F. No. NHA1/11012/Odisha/NH-42/Notification/3A]
MAYA PRAKASH, Dy. Secy.
A New Division of Pushpa Clinic (P) Ltd.
ଗୋପନରେ
ମଦ ଛଡ଼ାନ୍ତୁ
ସମୟ: ସକାଳ ୯ଟାରୁ ୧ଟା, ଅପରାହ୍ନ ୪ଟାରୁ ରାତ୍ରି ୭ଟା (ଗୁରୁବାର ବନ୍ଦ)
ସଦା ସର୍ବୋତ୍ତମ ଚିକିତ୍ସା
ଔଷଧ ପାଇଁ ନିଜ ନିକଟସ୍ଥ କେନ୍ଦ୍ରରେ ସମ୍ପର୍କ କରନ୍ତୁ
ANUGUL
BALASORE } 9437146000 BRAHMAPUR: 9437145000
NAYAGARH : 9437142000
KENDRAPADA: 9437147000
B.A.M.S Doctors(Male) required urgently (Salary: Negotiable)
Call us: 9437138000
Send your Resume to help@pushpaclinic.com
A-41, BDA Duplex Colony, Baramunda, Bhubaneswar- 751003, Phone: 0674-2354320, 2354577, Website: www.pushpaclinic.com
